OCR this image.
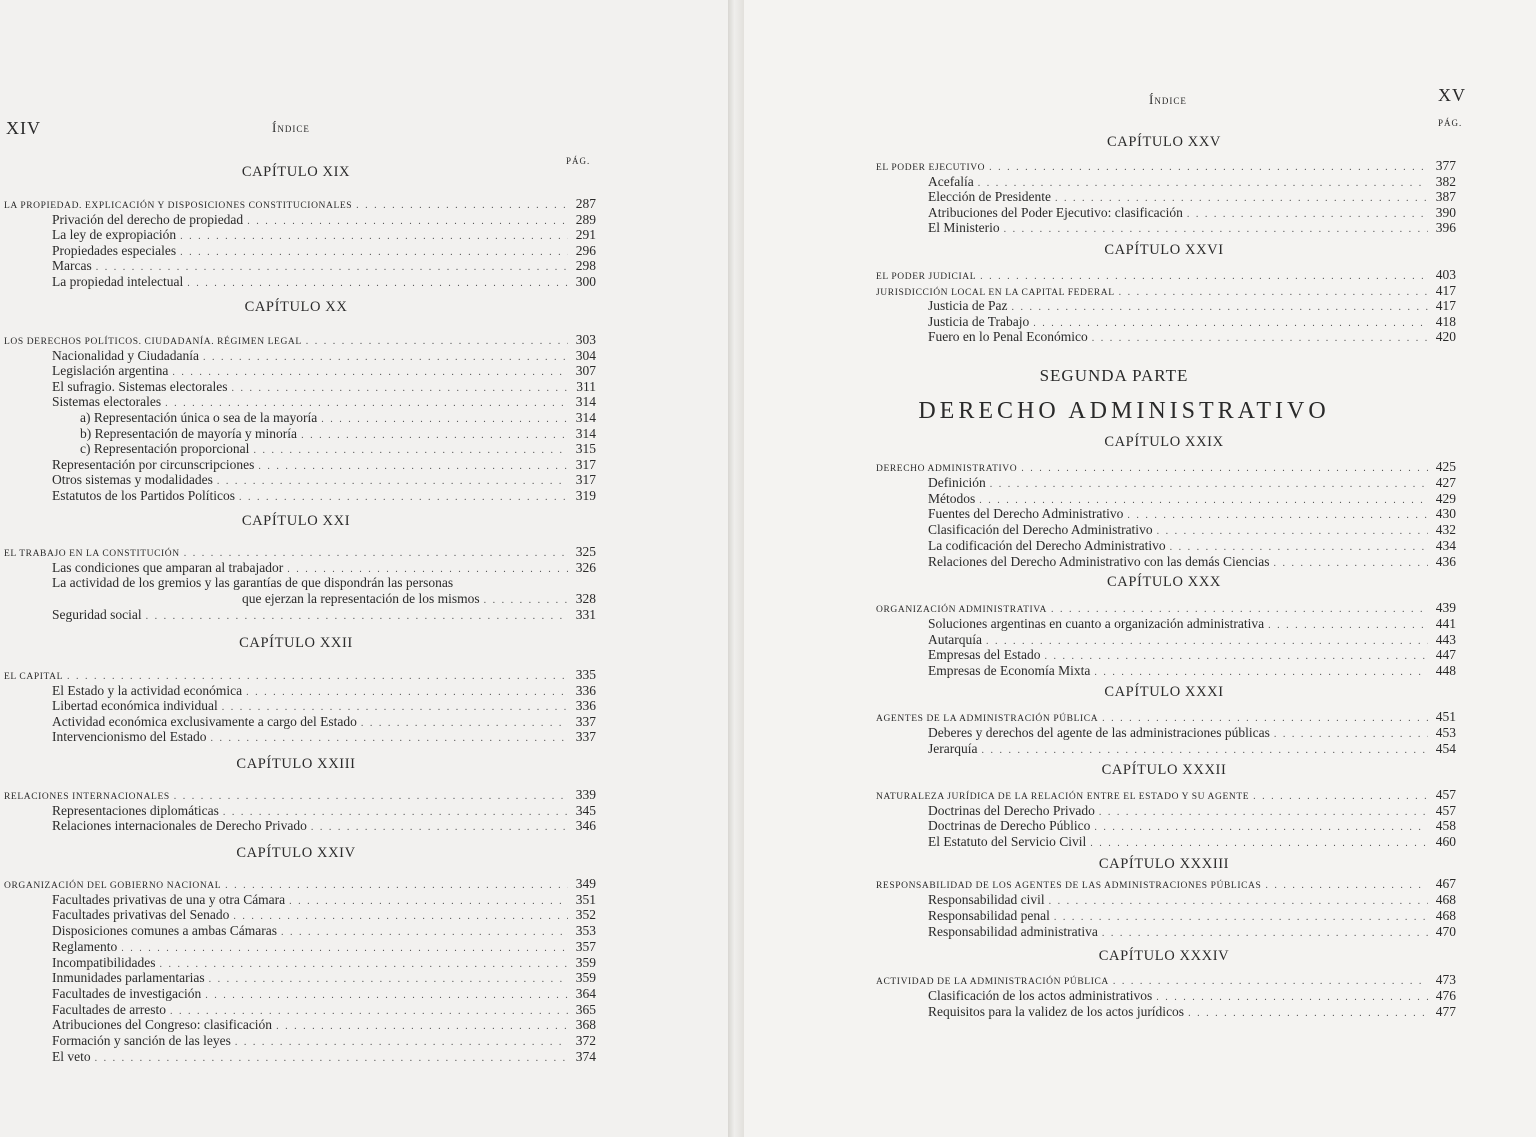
XIV	Índice
PÁG.
CAPÍTULO XIX
LA PROPIEDAD. EXPLICACIÓN Y DISPOSICIONES CONSTITUCIONALES . . .	287
Privación del derecho de propiedad . . .	289
La ley de expropiación . . .	291
Propiedades especiales . . .	296
Marcas . . .	298
La propiedad intelectual . . .	300
CAPÍTULO XX
LOS DERECHOS POLÍTICOS. CIUDADANÍA. RÉGIMEN LEGAL . . .	303
Nacionalidad y Ciudadanía . . .	304
Legislación argentina . . .	307
El sufragio. Sistemas electorales . . .	311
Sistemas electorales . . .	314
a) Representación única o sea de la mayoría . . .	314
b) Representación de mayoría y minoría . . .	314
c) Representación proporcional . . .	315
Representación por circunscripciones . . .	317
Otros sistemas y modalidades . . .	317
Estatutos de los Partidos Políticos . . .	319
CAPÍTULO XXI
EL TRABAJO EN LA CONSTITUCIÓN . . .	325
Las condiciones que amparan al trabajador . . .	326
La actividad de los gremios y las garantías de que dispondrán las personas
que ejerzan la representación de los mismos . . .	328
Seguridad social . . .	331
CAPÍTULO XXII
EL CAPITAL . . .	335
El Estado y la actividad económica . . .	336
Libertad económica individual . . .	336
Actividad económica exclusivamente a cargo del Estado . . .	337
Intervencionismo del Estado . . .	337
CAPÍTULO XXIII
RELACIONES INTERNACIONALES . . .	339
Representaciones diplomáticas . . .	345
Relaciones internacionales de Derecho Privado . . .	346
CAPÍTULO XXIV
ORGANIZACIÓN DEL GOBIERNO NACIONAL . . .	349
Facultades privativas de una y otra Cámara . . .	351
Facultades privativas del Senado . . .	352
Disposiciones comunes a ambas Cámaras . . .	353
Reglamento . . .	357
Incompatibilidades . . .	359
Inmunidades parlamentarias . . .	359
Facultades de investigación . . .	364
Facultades de arresto . . .	365
Atribuciones del Congreso: clasificación . . .	368
Formación y sanción de las leyes . . .	372
El veto . . .	374
Índice	XV
PÁG.
SEGUNDA PARTE
DERECHO ADMINISTRATIVO
CAPÍTULO XXV
EL PODER EJECUTIVO . . .	377
Acefalía . . .	382
Elección de Presidente . . .	387
Atribuciones del Poder Ejecutivo: clasificación . . .	390
El Ministerio . . .	396
CAPÍTULO XXVI
EL PODER JUDICIAL . . .	403
JURISDICCIÓN LOCAL EN LA CAPITAL FEDERAL . . .	417
Justicia de Paz . . .	417
Justicia de Trabajo . . .	418
Fuero en lo Penal Económico . . .	420
CAPÍTULO XXIX
DERECHO ADMINISTRATIVO . . .	425
Definición . . .	427
Métodos . . .	429
Fuentes del Derecho Administrativo . . .	430
Clasificación del Derecho Administrativo . . .	432
La codificación del Derecho Administrativo . . .	434
Relaciones del Derecho Administrativo con las demás Ciencias . . .	436
CAPÍTULO XXX
ORGANIZACIÓN ADMINISTRATIVA . . .	439
Soluciones argentinas en cuanto a organización administrativa . . .	441
Autarquía . . .	443
Empresas del Estado . . .	447
Empresas de Economía Mixta . . .	448
CAPÍTULO XXXI
AGENTES DE LA ADMINISTRACIÓN PÚBLICA . . .	451
Deberes y derechos del agente de las administraciones públicas . . .	453
Jerarquía . . .	454
CAPÍTULO XXXII
NATURALEZA JURÍDICA DE LA RELACIÓN ENTRE EL ESTADO Y SU AGENTE . . .	457
Doctrinas del Derecho Privado . . .	457
Doctrinas de Derecho Público . . .	458
El Estatuto del Servicio Civil . . .	460
CAPÍTULO XXXIII
RESPONSABILIDAD DE LOS AGENTES DE LAS ADMINISTRACIONES PÚBLICAS . . .	467
Responsabilidad civil . . .	468
Responsabilidad penal . . .	468
Responsabilidad administrativa . . .	470
CAPÍTULO XXXIV
ACTIVIDAD DE LA ADMINISTRACIÓN PÚBLICA . . .	473
Clasificación de los actos administrativos . . .	476
Requisitos para la validez de los actos jurídicos . . .	477
